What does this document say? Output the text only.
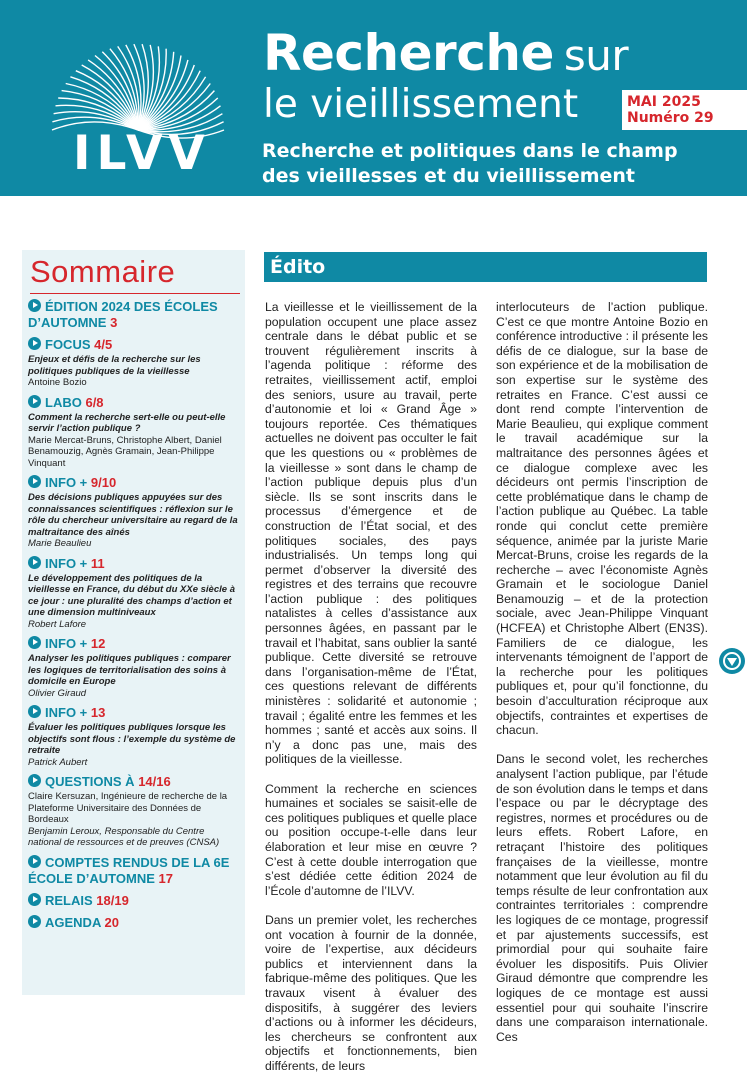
ILVV
Recherche sur
le vieillissement	MAI 2025
Numéro 29
Recherche et politiques dans le champ des vieillesses et du vieillissement
Sommaire
ÉDITION 2024 DES ÉCOLES D’AUTOMNE 3
FOCUS 4/5
Enjeux et défis de la recherche sur les politiques publiques de la vieillesse
Antoine Bozio
LABO 6/8
Comment la recherche sert-elle ou peut-elle servir l’action publique ?
Marie Mercat-Bruns, Christophe Albert, Daniel Benamouzig, Agnès Gramain, Jean-Philippe Vinquant
INFO + 9/10
Des décisions publiques appuyées sur des connaissances scientifiques : réflexion sur le rôle du chercheur universitaire au regard de la maltraitance des aînés
Marie Beaulieu
INFO + 11
Le développement des politiques de la vieillesse en France, du début du XXe siècle à ce jour : une pluralité des champs d’action et une dimension multiniveaux
Robert Lafore
INFO + 12
Analyser les politiques publiques : comparer les logiques de territorialisation des soins à domicile en Europe
Olivier Giraud
INFO + 13
Évaluer les politiques publiques lorsque les objectifs sont flous : l’exemple du système de retraite
Patrick Aubert
QUESTIONS À 14/16
Claire Kersuzan, Ingénieure de recherche de la Plateforme Universitaire des Données de Bordeaux
Benjamin Leroux, Responsable du Centre national de ressources et de preuves (CNSA)
COMPTES RENDUS DE LA 6E ÉCOLE D’AUTOMNE 17
RELAIS 18/19
AGENDA 20
Édito

La vieillesse et le vieillissement de la population occupent une place assez centrale dans le débat public et se trouvent régulièrement inscrits à l’agenda politique : réforme des retraites, vieillissement actif, emploi des seniors, usure au travail, perte d’autonomie et loi « Grand Âge » toujours reportée. Ces thématiques actuelles ne doivent pas occulter le fait que les questions ou « problèmes de la vieillesse » sont dans le champ de l’action publique depuis plus d’un siècle. Ils se sont inscrits dans le processus d’émergence et de construction de l’État social, et des politiques sociales, des pays industrialisés. Un temps long qui permet d’observer la diversité des registres et des terrains que recouvre l’action publique : des politiques natalistes à celles d’assistance aux personnes âgées, en passant par le travail et l’habitat, sans oublier la santé publique. Cette diversité se retrouve dans l’organisation-même de l’État, ces questions relevant de différents ministères : solidarité et autonomie ; travail ; égalité entre les femmes et les hommes ; santé et accès aux soins. Il n’y a donc pas une, mais des politiques de la vieillesse.

Comment la recherche en sciences humaines et sociales se saisit-elle de ces politiques publiques et quelle place ou position occupe-t-elle dans leur élaboration et leur mise en œuvre ? C’est à cette double interrogation que s’est dédiée cette édition 2024 de l’École d’automne de l’ILVV.

Dans un premier volet, les recherches ont vocation à fournir de la donnée, voire de l’expertise, aux décideurs publics et interviennent dans la fabrique-même des politiques. Que les travaux visent à évaluer des dispositifs, à suggérer des leviers d’actions ou à informer les décideurs, les chercheurs se confrontent aux objectifs et fonctionnements, bien différents, de leurs

interlocuteurs de l’action publique. C’est ce que montre Antoine Bozio en conférence introductive : il présente les défis de ce dialogue, sur la base de son expérience et de la mobilisation de son expertise sur le système des retraites en France. C’est aussi ce dont rend compte l’intervention de Marie Beaulieu, qui explique comment le travail académique sur la maltraitance des personnes âgées et ce dialogue complexe avec les décideurs ont permis l’inscription de cette problématique dans le champ de l’action publique au Québec. La table ronde qui conclut cette première séquence, animée par la juriste Marie Mercat-Bruns, croise les regards de la recherche – avec l’économiste Agnès Gramain et le sociologue Daniel Benamouzig – et de la protection sociale, avec Jean-Philippe Vinquant (HCFEA) et Christophe Albert (EN3S). Familiers de ce dialogue, les intervenants témoignent de l’apport de la recherche pour les politiques publiques et, pour qu’il fonctionne, du besoin d’acculturation réciproque aux objectifs, contraintes et expertises de chacun.

Dans le second volet, les recherches analysent l’action publique, par l’étude de son évolution dans le temps et dans l’espace ou par le décryptage des registres, normes et procédures ou de leurs effets. Robert Lafore, en retraçant l’histoire des politiques françaises de la vieillesse, montre notamment que leur évolution au fil du temps résulte de leur confrontation aux contraintes territoriales : comprendre les logiques de ce montage, progressif et par ajustements successifs, est primordial pour qui souhaite faire évoluer les dispositifs. Puis Olivier Giraud démontre que comprendre les logiques de ce montage est aussi essentiel pour qui souhaite l’inscrire dans une comparaison internationale. Ces
